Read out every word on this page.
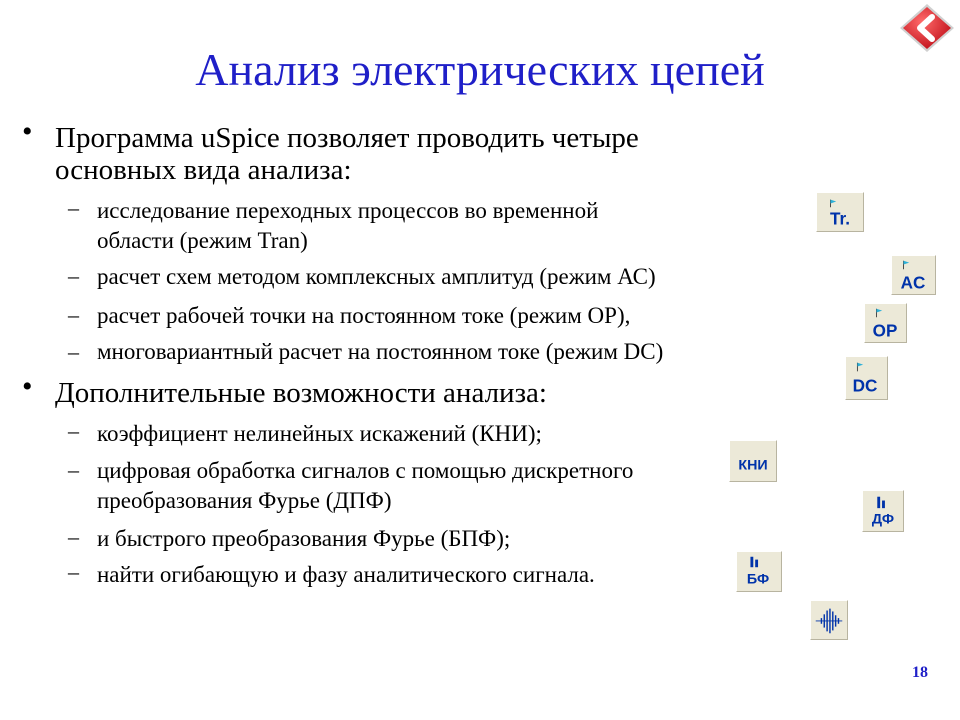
Анализ электрических цепей
• Программа uSpice позволяет проводить четыре
основных вида анализа:
– исследование переходных процессов во временной
области (режим Tran)
– расчет схем методом комплексных амплитуд (режим АС)
– расчет рабочей точки на постоянном токе (режим ОР),
– многовариантный расчет на постоянном токе (режим DC)
• Дополнительные возможности анализа:
– коэффициент нелинейных искажений (КНИ);
– цифровая обработка сигналов с помощью дискретного
преобразования Фурье (ДПФ)
– и быстрого преобразования Фурье (БПФ);
– найти огибающую и фазу аналитического сигнала.
Tr.
AC
OP
DC
КНИ
ДФ
БФ
18
